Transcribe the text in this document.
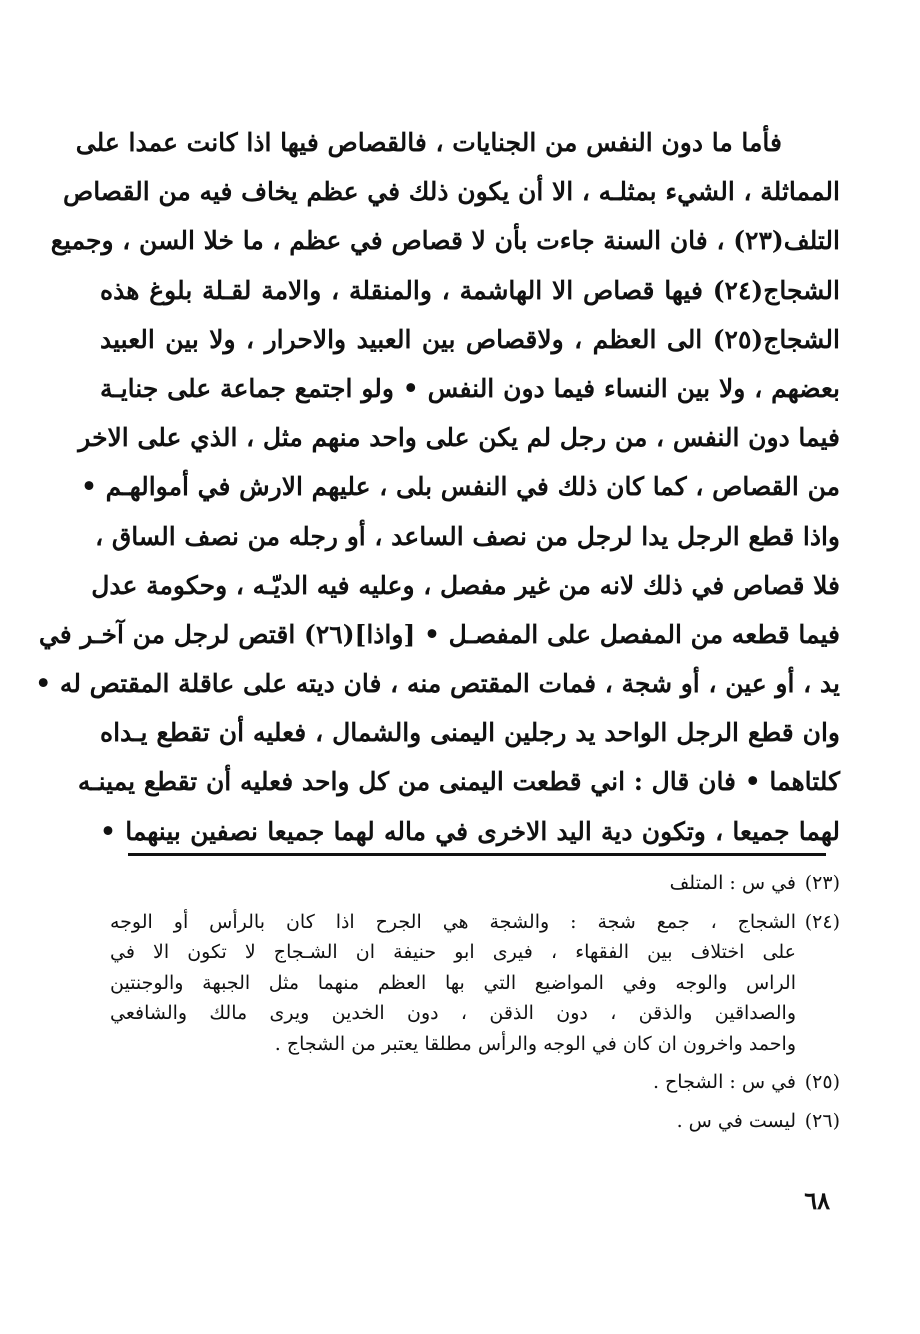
فأما ما دون النفس من الجنايات ، فالقصاص فيها اذا كانت عمدا على
المماثلة ، الشيء بمثلـه ، الا أن يكون ذلك في عظم يخاف فيه من القصاص
التلف(٢٣) ، فان السنة جاءت بأن لا قصاص في عظم ، ما خلا السن ، وجميع
الشجاج(٢٤) فيها قصاص الا الهاشمة ، والمنقلة ، والامة لقـلة بلوغ هذه
الشجاج(٢٥) الى العظم ، ولاقصاص بين العبيد والاحرار ، ولا بين العبيد
بعضهم ، ولا بين النساء فيما دون النفس • ولو اجتمع جماعة على جنايـة
فيما دون النفس ، من رجل لم يكن على واحد منهم مثل ، الذي على الاخر
من القصاص ، كما كان ذلك في النفس بلى ، عليهم الارش في أموالهـم •
واذا قطع الرجل يدا لرجل من نصف الساعد ، أو رجله من نصف الساق ،
فلا قصاص في ذلك لانه من غير مفصل ، وعليه فيه الديّـه ، وحكومة عدل
فيما قطعه من المفصل على المفصـل • [واذا](٢٦) اقتص لرجل من آخـر في
يد ، أو عين ، أو شجة ، فمات المقتص منه ، فان ديته على عاقلة المقتص له •
وان قطع الرجل الواحد يد رجلين اليمنى والشمال ، فعليه أن تقطع يـداه
كلتاهما • فان قال : اني قطعت اليمنى من كل واحد فعليه أن تقطع يمينـه
لهما جميعا ، وتكون دية اليد الاخرى في ماله لهما جميعا نصفين بينهما •
(٢٣)
في س : المتلف
(٢٤)
الشجاج ، جمع شجة : والشجة هي الجرح اذا كان بالرأس أو الوجه
على اختلاف بين الفقهاء ، فيرى ابو حنيفة ان الشـجاج لا تكون الا في
الراس والوجه وفي المواضيع التي بها العظم منهما مثل الجبهة والوجنتين
والصداقين والذقن ، دون الذقن ، دون الخدين ويرى مالك والشافعي
واحمد واخرون ان كان في الوجه والرأس مطلقا يعتبر من الشجاج .
(٢٥)
في س : الشجاح .
(٢٦)
ليست في س .
٦٨
